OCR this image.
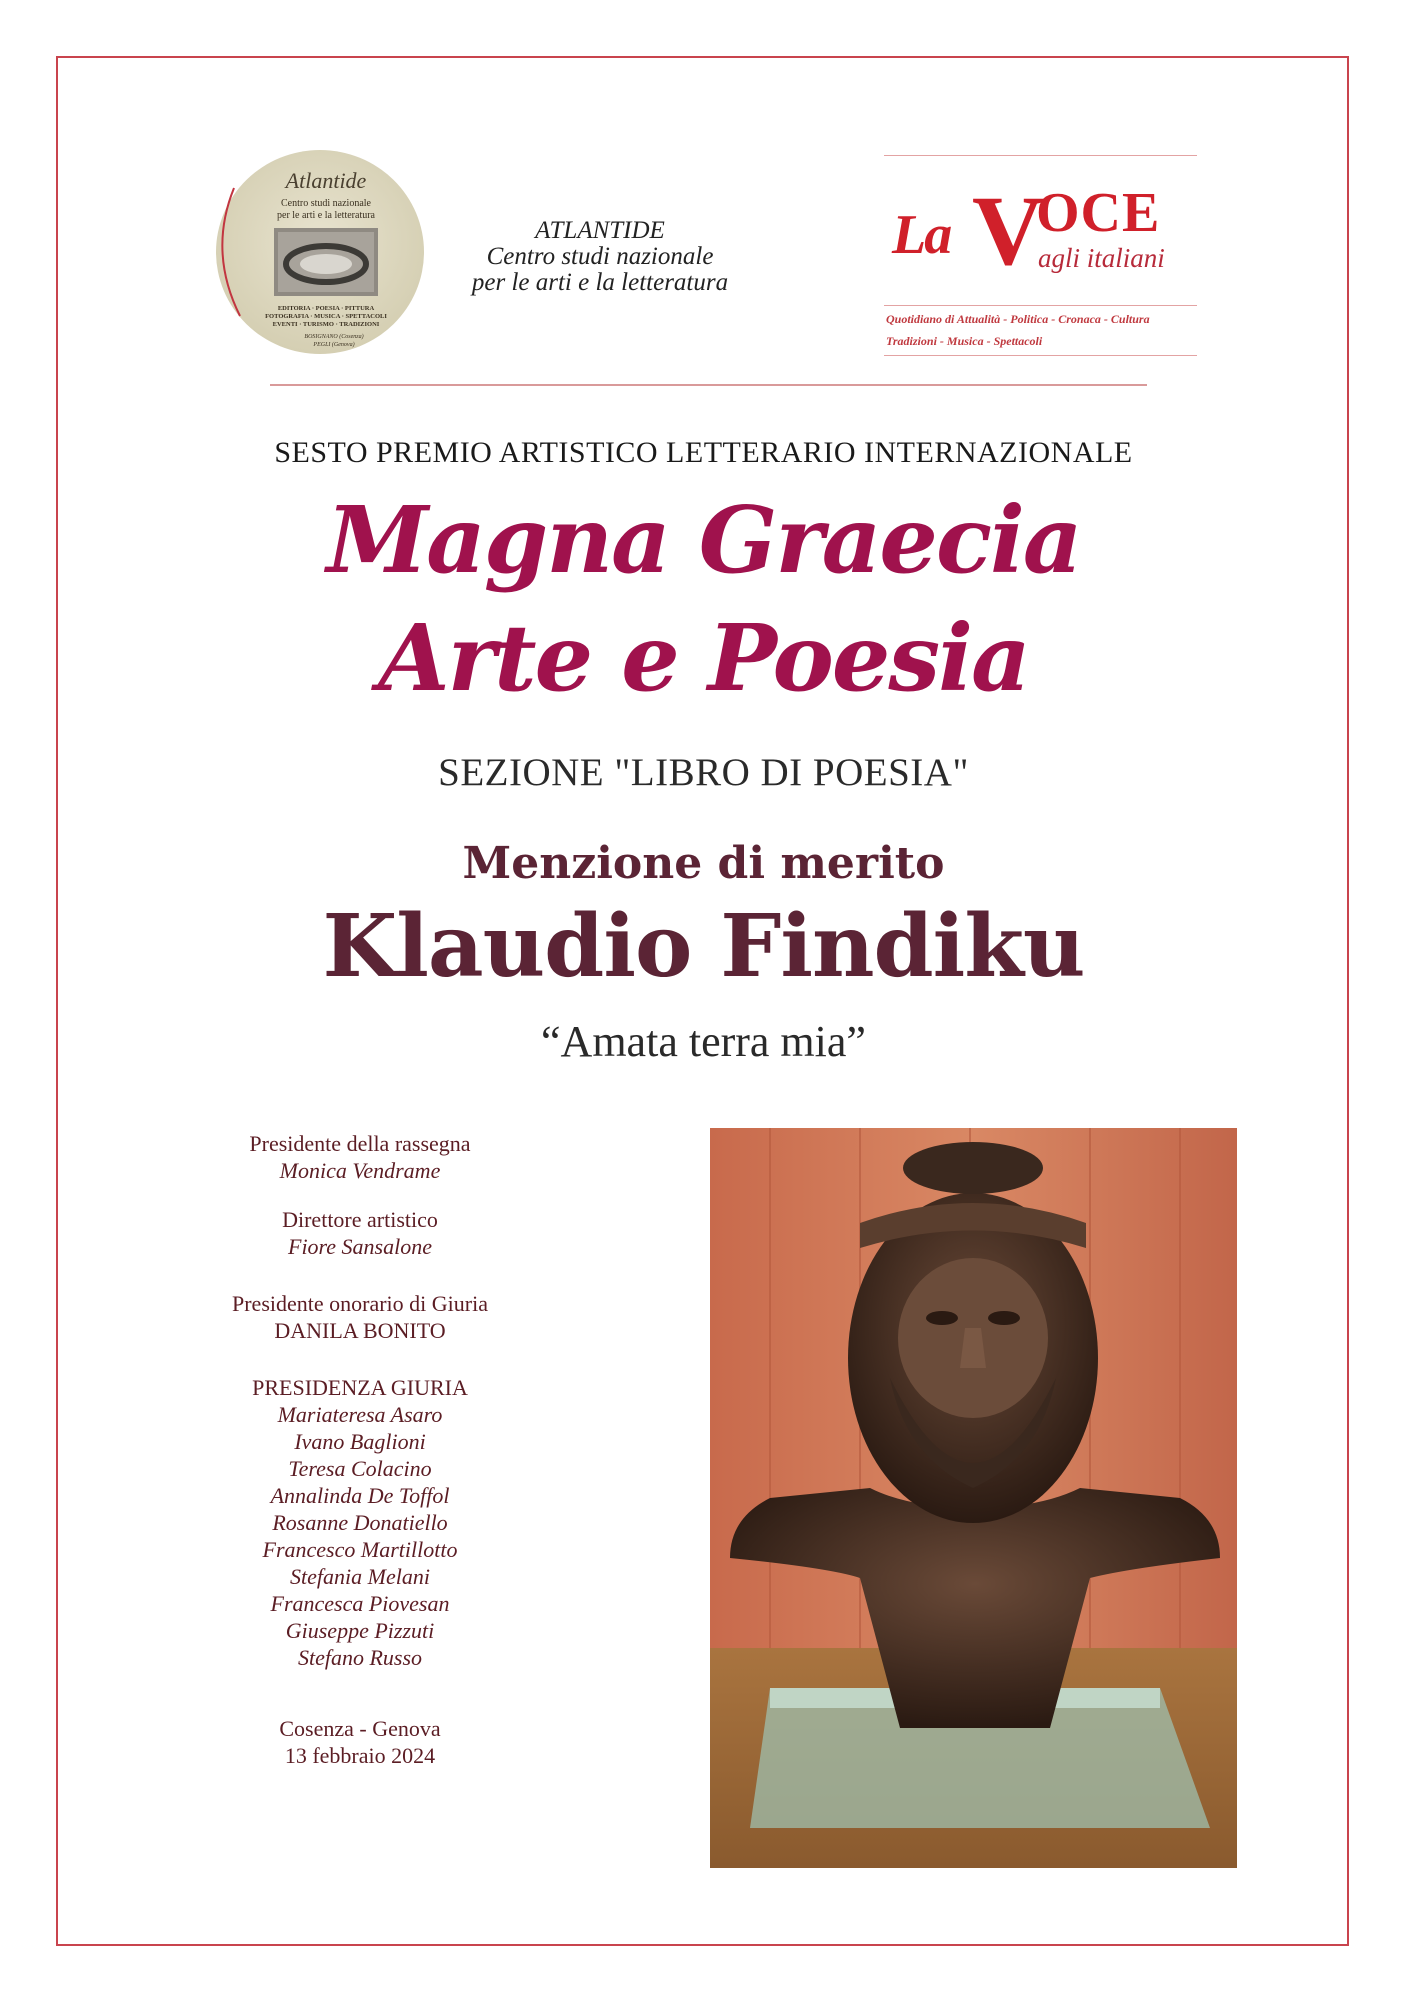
Atlantide
Centro studi nazionale
per le arti e la letteratura
EDITORIA · POESIA · PITTURA
FOTOGRAFIA · MUSICA · SPETTACOLI
EVENTI · TURISMO · TRADIZIONI
BOSIGNANO (Cosenza)
PEGLI (Genova)
ATLANTIDE
Centro studi nazionale
per le arti e la letteratura
La V
OCE
agli italiani
Quotidiano di Attualità - Politica - Cronaca - Cultura
Tradizioni - Musica - Spettacoli
SESTO PREMIO ARTISTICO LETTERARIO INTERNAZIONALE
Magna Graecia
Arte e Poesia
SEZIONE "LIBRO DI POESIA"
Menzione di merito
Klaudio Findiku
“Amata terra mia”
Presidente della rassegna
Monica Vendrame
Direttore artistico
Fiore Sansalone
Presidente onorario di Giuria
DANILA BONITO
PRESIDENZA GIURIA
Mariateresa Asaro
Ivano Baglioni
Teresa Colacino
Annalinda De Toffol
Rosanne Donatiello
Francesco Martillotto
Stefania Melani
Francesca Piovesan
Giuseppe Pizzuti
Stefano Russo
Cosenza - Genova
13 febbraio 2024
